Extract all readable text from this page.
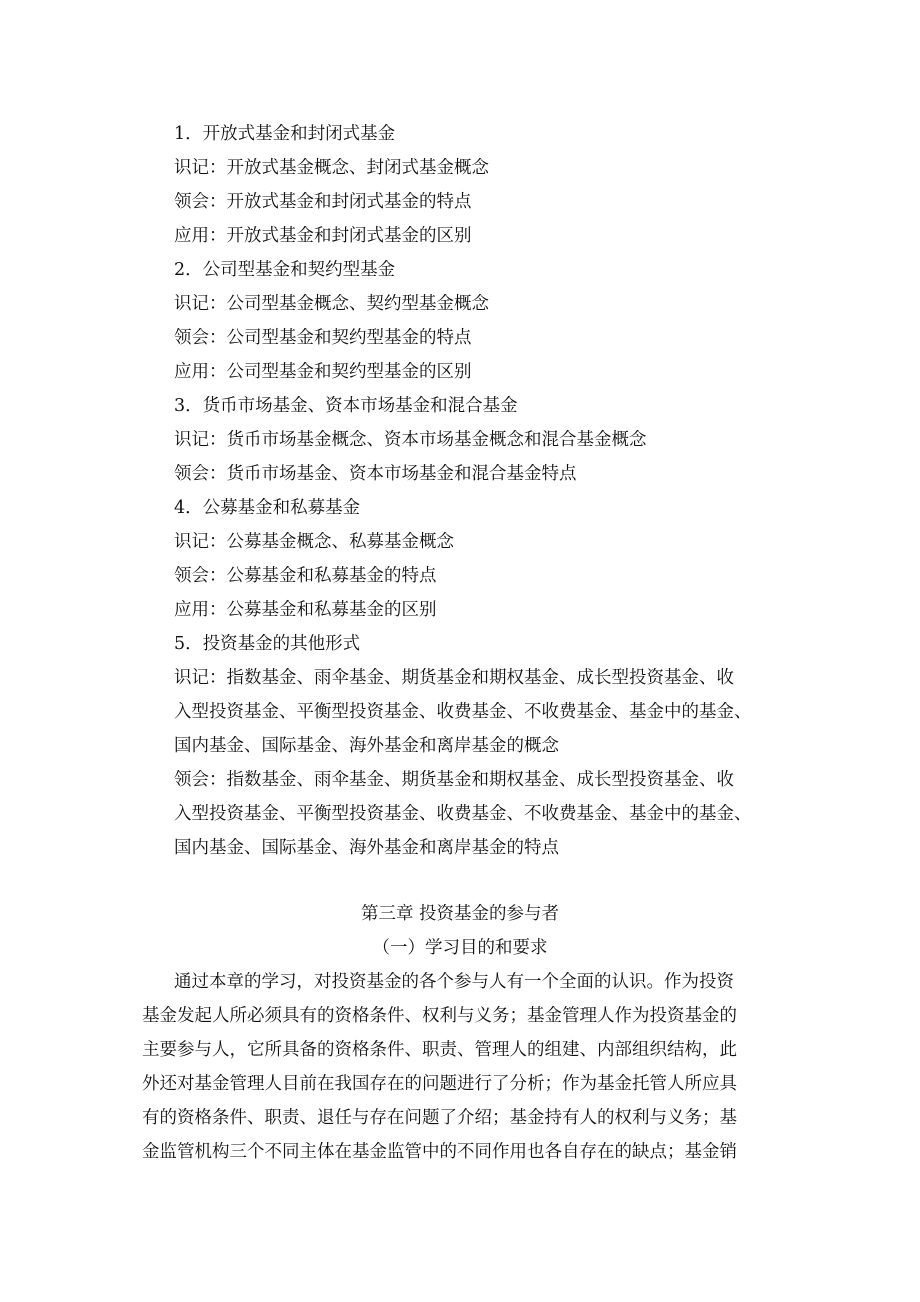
1．开放式基金和封闭式基金
识记：开放式基金概念、封闭式基金概念
领会：开放式基金和封闭式基金的特点
应用：开放式基金和封闭式基金的区别
2．公司型基金和契约型基金
识记：公司型基金概念、契约型基金概念
领会：公司型基金和契约型基金的特点
应用：公司型基金和契约型基金的区别
3．货币市场基金、资本市场基金和混合基金
识记：货币市场基金概念、资本市场基金概念和混合基金概念
领会：货币市场基金、资本市场基金和混合基金特点
4．公募基金和私募基金
识记：公募基金概念、私募基金概念
领会：公募基金和私募基金的特点
应用：公募基金和私募基金的区别
5．投资基金的其他形式
识记：指数基金、雨伞基金、期货基金和期权基金、成长型投资基金、收
入型投资基金、平衡型投资基金、收费基金、不收费基金、基金中的基金、
国内基金、国际基金、海外基金和离岸基金的概念
领会：指数基金、雨伞基金、期货基金和期权基金、成长型投资基金、收
入型投资基金、平衡型投资基金、收费基金、不收费基金、基金中的基金、
国内基金、国际基金、海外基金和离岸基金的特点
第三章 投资基金的参与者
（一）学习目的和要求
通过本章的学习，对投资基金的各个参与人有一个全面的认识。作为投资
基金发起人所必须具有的资格条件、权利与义务；基金管理人作为投资基金的
主要参与人，它所具备的资格条件、职责、管理人的组建、内部组织结构，此
外还对基金管理人目前在我国存在的问题进行了分析；作为基金托管人所应具
有的资格条件、职责、退任与存在问题了介绍；基金持有人的权利与义务；基
金监管机构三个不同主体在基金监管中的不同作用也各自存在的缺点；基金销
